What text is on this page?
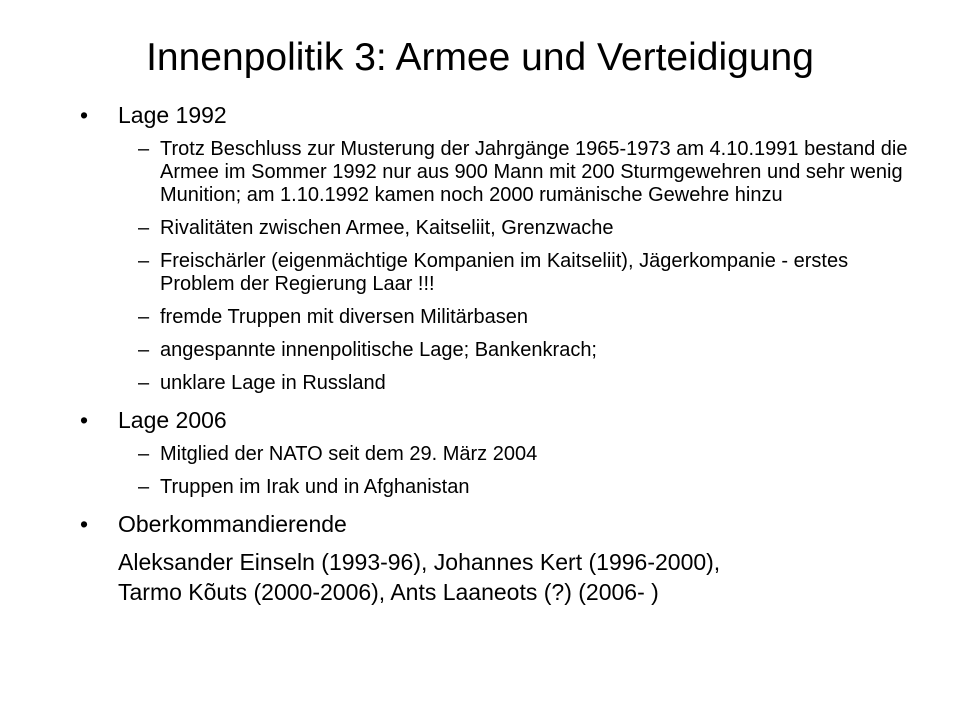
Innenpolitik 3: Armee und Verteidigung
• Lage 1992
– Trotz Beschluss zur Musterung der Jahrgänge 1965-1973 am 4.10.1991 bestand die Armee im Sommer 1992 nur aus 900 Mann mit 200 Sturmgewehren und sehr wenig Munition; am 1.10.1992 kamen noch 2000 rumänische Gewehre hinzu
– Rivalitäten zwischen Armee, Kaitseliit, Grenzwache
– Freischärler (eigenmächtige Kompanien im Kaitseliit), Jägerkompanie - erstes Problem der Regierung Laar !!!
– fremde Truppen mit diversen Militärbasen
– angespannte innenpolitische Lage; Bankenkrach;
– unklare Lage in Russland
• Lage 2006
– Mitglied der NATO seit dem 29. März 2004
– Truppen im Irak und in Afghanistan
• Oberkommandierende
Aleksander Einseln (1993-96), Johannes Kert (1996-2000),
Tarmo Kõuts (2000-2006), Ants Laaneots (?) (2006- )
